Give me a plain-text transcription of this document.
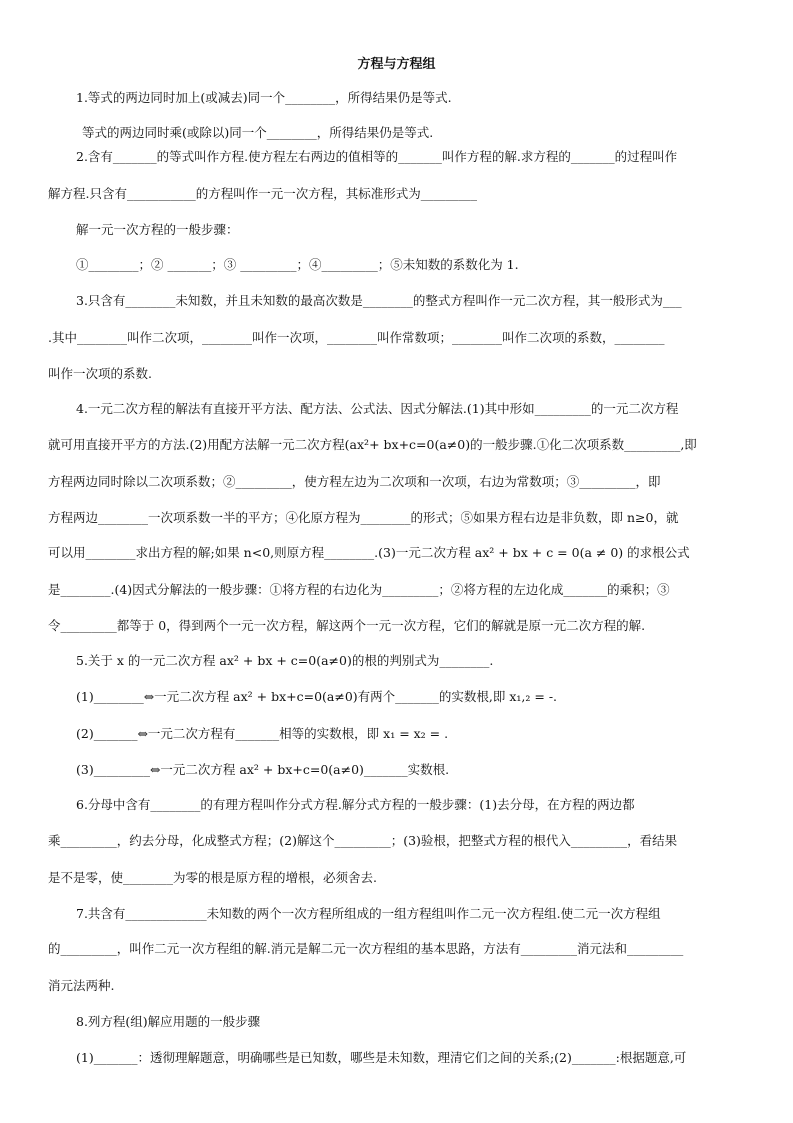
方程与方程组
1.等式的两边同时加上(或减去)同一个________，所得结果仍是等式.
等式的两边同时乘(或除以)同一个________，所得结果仍是等式.
2.含有_______的等式叫作方程.使方程左右两边的值相等的_______叫作方程的解.求方程的_______的过程叫作
解方程.只含有___________的方程叫作一元一次方程，其标准形式为_________
解一元一次方程的一般步骤：
①________；② _______；③ _________；④_________；⑤未知数的系数化为 1.
3.只含有________未知数，并且未知数的最高次数是________的整式方程叫作一元二次方程，其一般形式为___
.其中________叫作二次项，________叫作一次项，________叫作常数项；________叫作二次项的系数，________
叫作一次项的系数.
4.一元二次方程的解法有直接开平方法、配方法、公式法、因式分解法.(1)其中形如_________的一元二次方程
就可用直接开平方的方法.(2)用配方法解一元二次方程(ax²+ bx+c=0(a≠0)的一般步骤.①化二次项系数_________,即
方程两边同时除以二次项系数；②_________，使方程左边为二次项和一次项，右边为常数项；③_________，即
方程两边________一次项系数一半的平方；④化原方程为________的形式；⑤如果方程右边是非负数，即 n≥0，就
可以用________求出方程的解;如果 n<0,则原方程________.(3)一元二次方程 ax² + bx + c = 0(a ≠ 0) 的求根公式
是________.(4)因式分解法的一般步骤：①将方程的右边化为_________；②将方程的左边化成_______的乘积；③
令_________都等于 0，得到两个一元一次方程，解这两个一元一次方程，它们的解就是原一元二次方程的解.
5.关于 x 的一元二次方程 ax² + bx + c=0(a≠0)的根的判别式为________.
(1)________⇔一元二次方程 ax² + bx+c=0(a≠0)有两个_______的实数根,即 x₁,₂ = -.
(2)_______⇔一元二次方程有_______相等的实数根，即 x₁ = x₂ = .
(3)_________⇔一元二次方程 ax² + bx+c=0(a≠0)_______实数根.
6.分母中含有________的有理方程叫作分式方程.解分式方程的一般步骤：(1)去分母，在方程的两边都
乘_________，约去分母，化成整式方程；(2)解这个_________；(3)验根，把整式方程的根代入_________，看结果
是不是零，使________为零的根是原方程的增根，必须舍去.
7.共含有_____________未知数的两个一次方程所组成的一组方程组叫作二元一次方程组.使二元一次方程组
的_________，叫作二元一次方程组的解.消元是解二元一次方程组的基本思路，方法有_________消元法和_________
消元法两种.
8.列方程(组)解应用题的一般步骤
(1)_______：透彻理解题意，明确哪些是已知数，哪些是未知数，理清它们之间的关系;(2)_______:根据题意,可
